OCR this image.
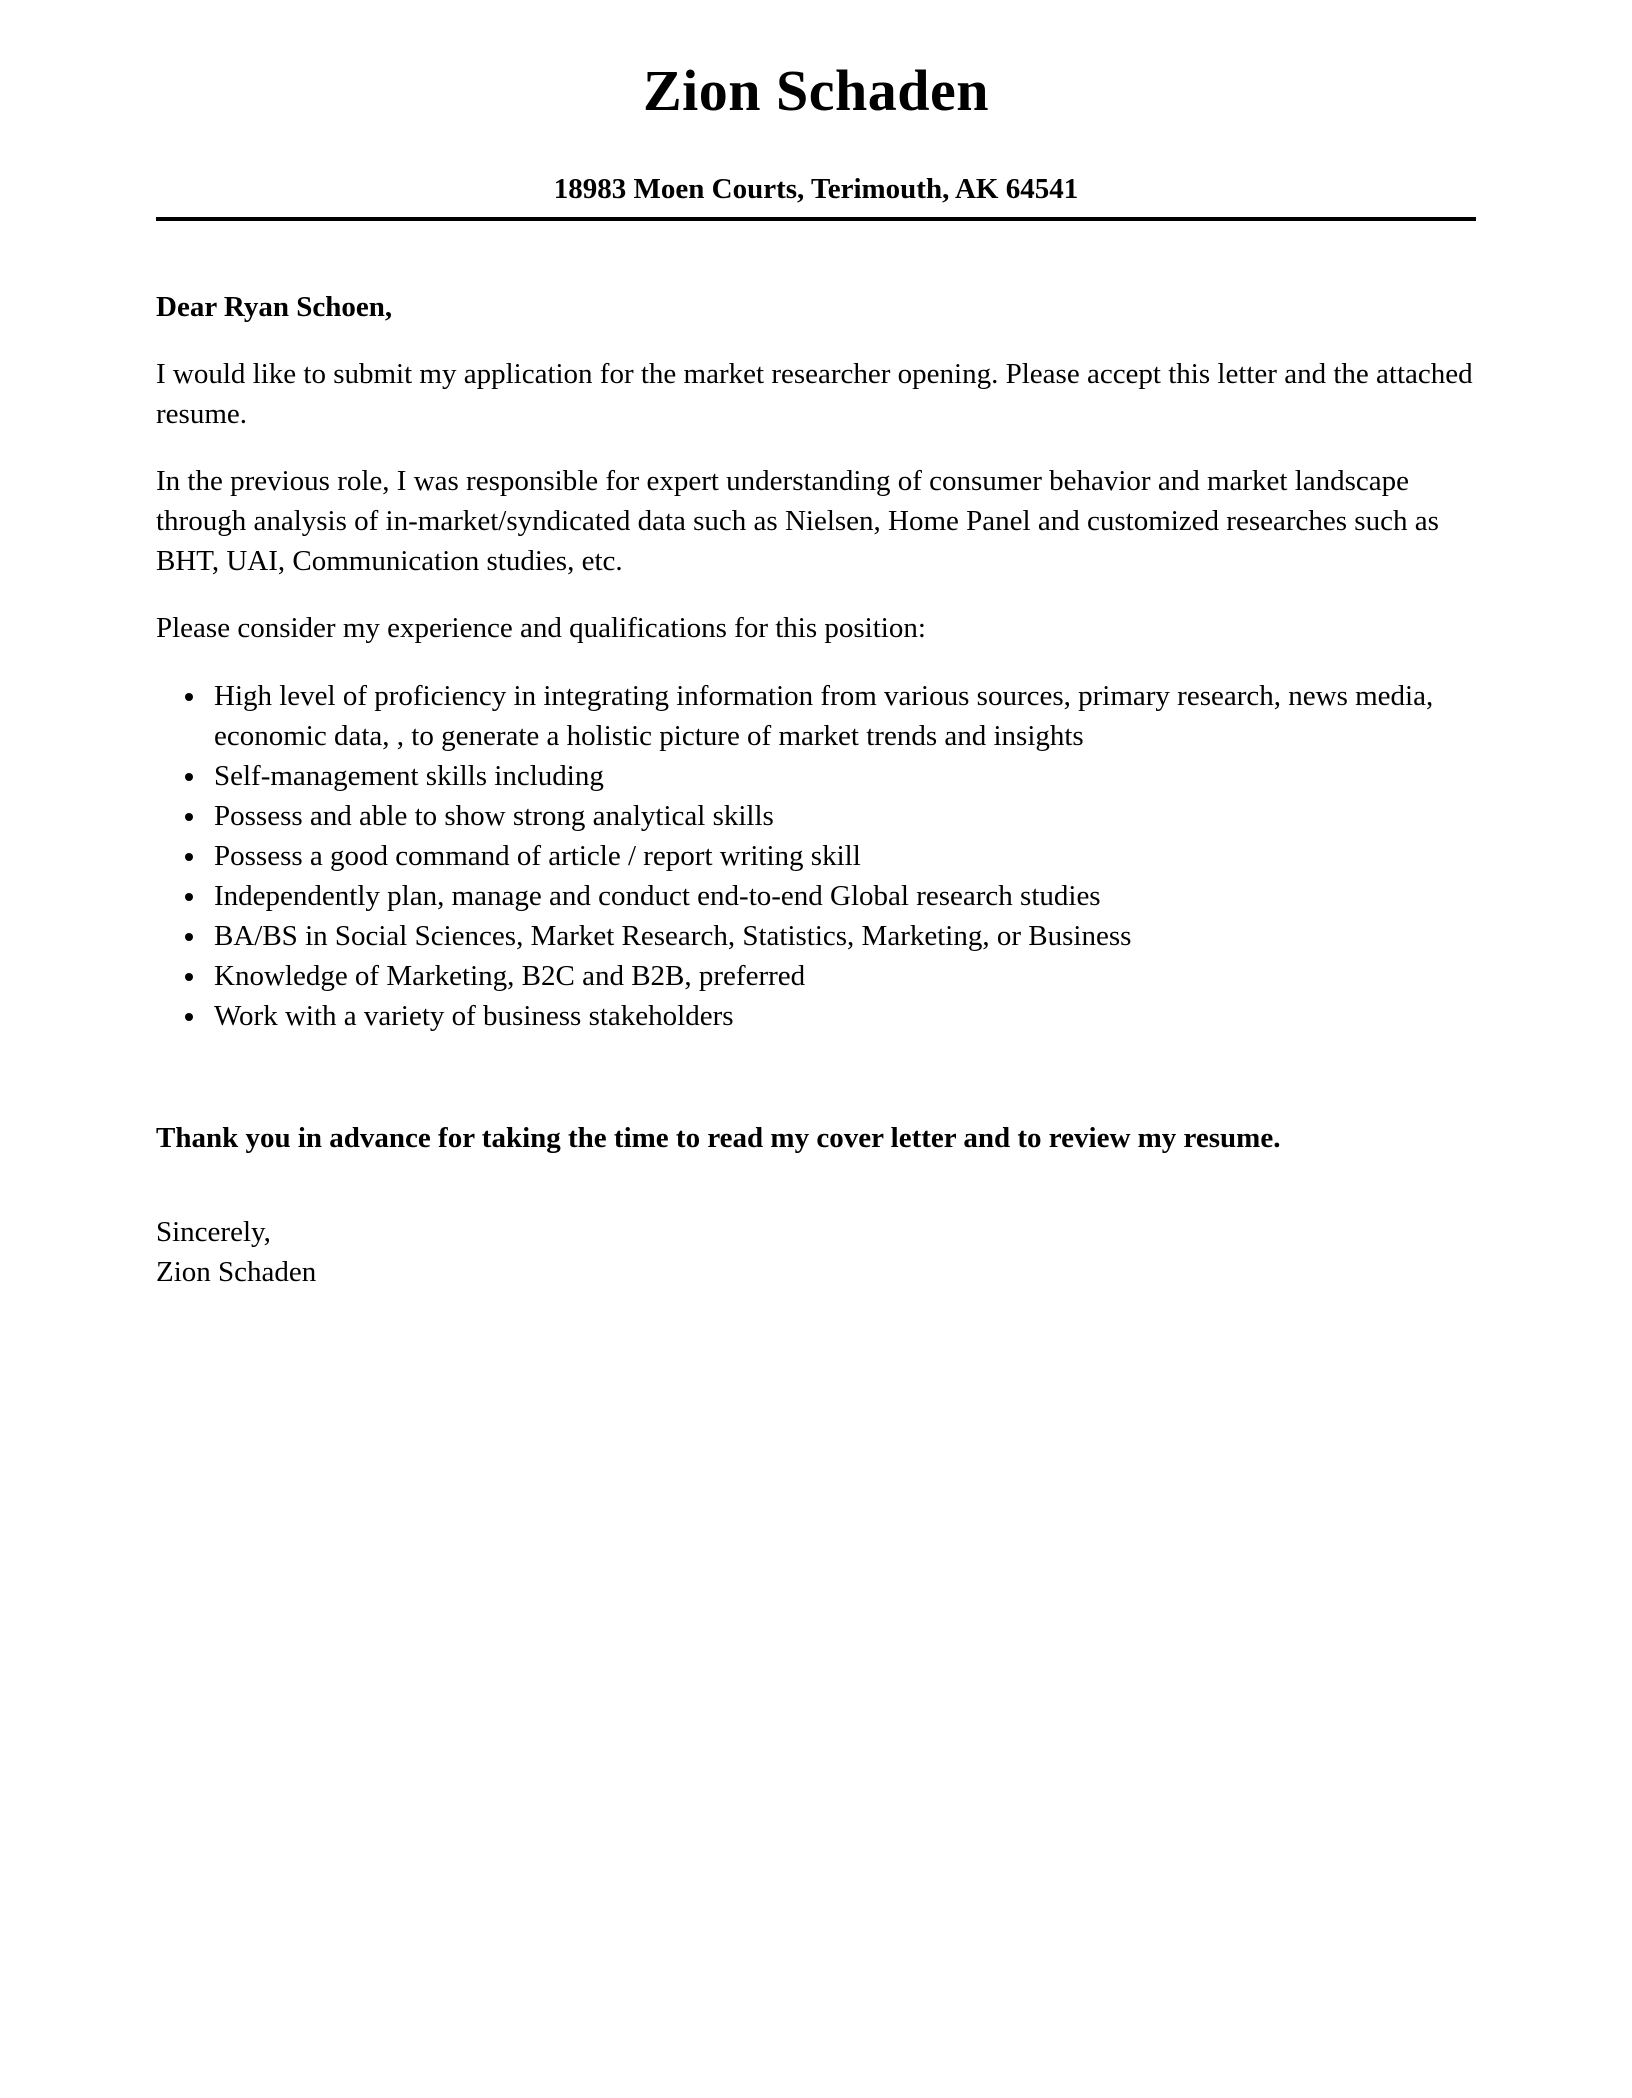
Zion Schaden
18983 Moen Courts, Terimouth, AK 64541
Dear Ryan Schoen,

I would like to submit my application for the market researcher opening. Please accept this letter and the attached resume.

In the previous role, I was responsible for expert understanding of consumer behavior and market landscape through analysis of in-market/syndicated data such as Nielsen, Home Panel and customized researches such as BHT, UAI, Communication studies, etc.

Please consider my experience and qualifications for this position:

• High level of proficiency in integrating information from various sources, primary research, news media, economic data, , to generate a holistic picture of market trends and insights
• Self-management skills including
• Possess and able to show strong analytical skills
• Possess a good command of article / report writing skill
• Independently plan, manage and conduct end-to-end Global research studies
• BA/BS in Social Sciences, Market Research, Statistics, Marketing, or Business
• Knowledge of Marketing, B2C and B2B, preferred
• Work with a variety of business stakeholders

Thank you in advance for taking the time to read my cover letter and to review my resume.

Sincerely,
Zion Schaden
